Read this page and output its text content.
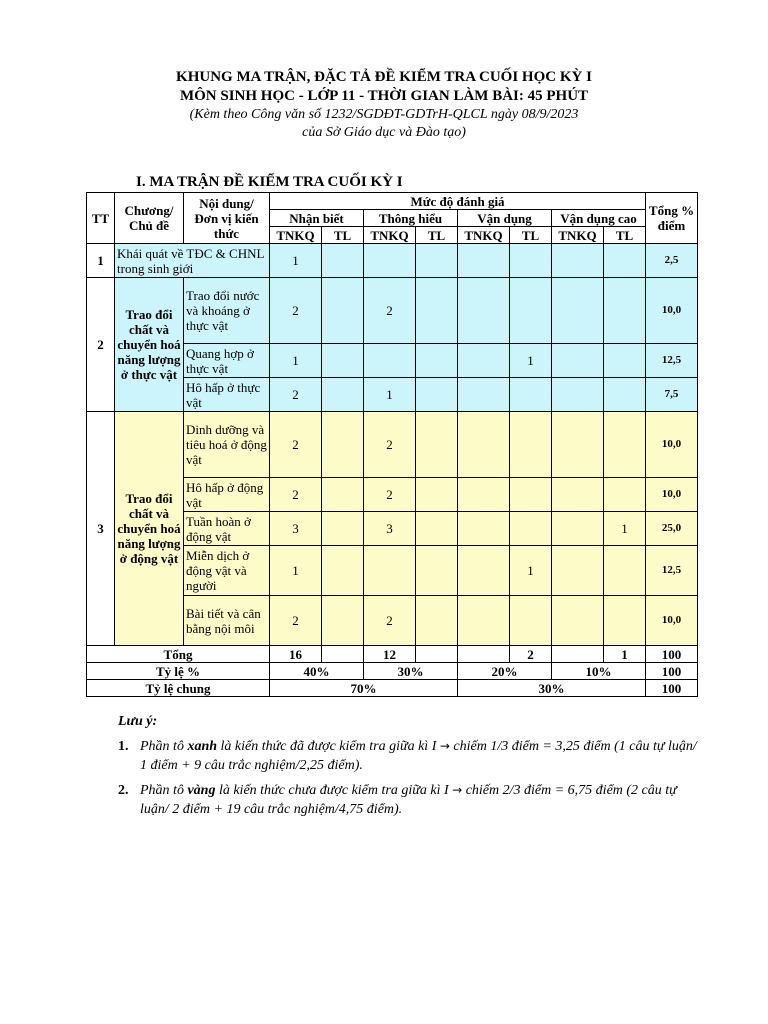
KHUNG MA TRẬN, ĐẶC TẢ ĐỀ KIỂM TRA CUỐI HỌC KỲ I
MÔN SINH HỌC - LỚP 11 - THỜI GIAN LÀM BÀI: 45 PHÚT
(Kèm theo Công văn số 1232/SGDĐT-GDTrH-QLCL ngày 08/9/2023
của Sở Giáo dục và Đào tạo)
I. MA TRẬN ĐỀ KIỂM TRA CUỐI KỲ I
TT	Chương/ Chủ đề	Nội dung/ Đơn vị kiến thức	Mức độ đánh giá								Tổng % điểm
			Nhận biết		Thông hiểu		Vận dụng		Vận dụng cao		
			TNKQ	TL	TNKQ	TL	TNKQ	TL	TNKQ	TL	
1	Khái quát về TĐC & CHNL trong sinh giới		1								2,5
2	Trao đổi chất và chuyển hoá năng lượng ở thực vật	Trao đổi nước và khoáng ở thực vật	2		2						10,0
		Quang hợp ở thực vật	1					1			12,5
		Hô hấp ở thực vật	2		1						7,5
3	Trao đổi chất và chuyển hoá năng lượng ở động vật	Dinh dưỡng và tiêu hoá ở động vật	2		2						10,0
		Hô hấp ở động vật	2		2						10,0
		Tuần hoàn ở động vật	3		3					1	25,0
		Miễn dịch ở động vật và người	1					1			12,5
		Bài tiết và cân bằng nội môi	2		2						10,0
Tổng			16		12			2		1	100
Tỷ lệ %			40%		30%		20%		10%		100
Tỷ lệ chung			70%				30%				100
Lưu ý:
1. Phần tô xanh là kiến thức đã được kiểm tra giữa kì I → chiếm 1/3 điểm = 3,25 điểm (1 câu tự luận/ 1 điểm + 9 câu trắc nghiệm/2,25 điểm).
2. Phần tô vàng là kiến thức chưa được kiểm tra giữa kì I → chiếm 2/3 điểm = 6,75 điểm (2 câu tự luận/ 2 điểm + 19 câu trắc nghiệm/4,75 điểm).
